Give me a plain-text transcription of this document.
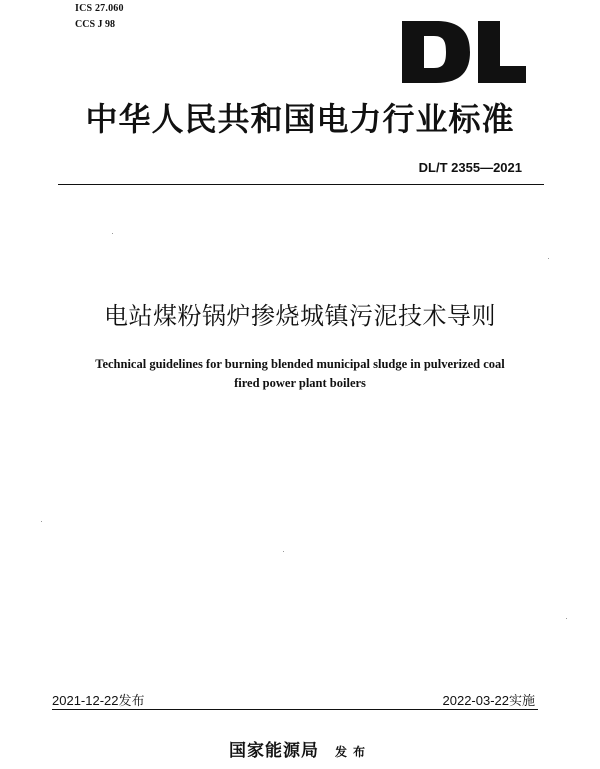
ICS 27.060
CCS J 98
中华人民共和国电力行业标准
DL/T 2355—2021
电站煤粉锅炉掺烧城镇污泥技术导则
Technical guidelines for burning blended municipal sludge in pulverized coal
fired power plant boilers
2021-12-22发布	2022-03-22实施
国家能源局 发布
